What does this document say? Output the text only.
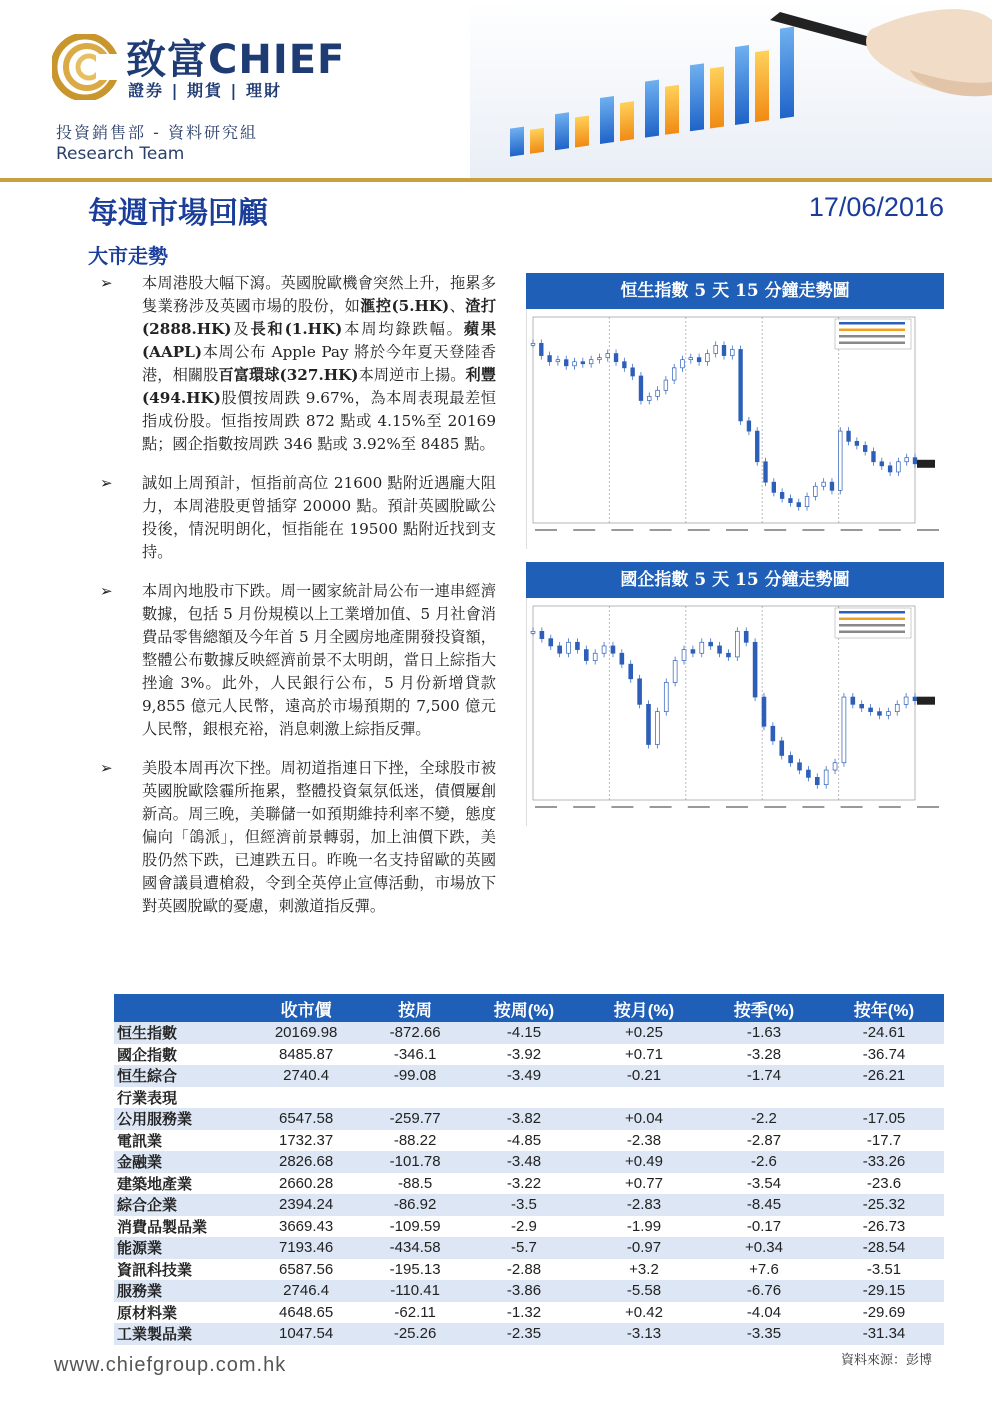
致富CHIEF
證券 | 期貨 | 理財
投資銷售部 - 資料研究組
Research Team
每週市場回顧	17/06/2016
大市走勢
➢ 本周港股大幅下瀉。英國脫歐機會突然上升，拖累多隻業務涉及英國市場的股份，如滙控(5.HK)、渣打(2888.HK)及長和(1.HK)本周均錄跌幅。蘋果(AAPL)本周公布 Apple Pay 將於今年夏天登陸香港，相關股百富環球(327.HK)本周逆市上揚。利豐(494.HK)股價按周跌 9.67%，為本周表現最差恒指成份股。恒指按周跌 872 點或 4.15%至 20169 點；國企指數按周跌 346 點或 3.92%至 8485 點。
➢ 誠如上周預計，恒指前高位 21600 點附近遇龐大阻力，本周港股更曾插穿 20000 點。預計英國脫歐公投後，情況明朗化，恒指能在 19500 點附近找到支持。
➢ 本周內地股市下跌。周一國家統計局公布一連串經濟數據，包括 5 月份規模以上工業增加值、5 月社會消費品零售總額及今年首 5 月全國房地產開發投資額，整體公布數據反映經濟前景不太明朗，當日上綜指大挫逾 3%。此外，人民銀行公布，5 月份新增貸款 9,855 億元人民幣，遠高於市場預期的 7,500 億元人民幣，銀根充裕，消息刺激上綜指反彈。
➢ 美股本周再次下挫。周初道指連日下挫，全球股市被英國脫歐陰霾所拖累，整體投資氣氛低迷，債價屢創新高。周三晚，美聯儲一如預期維持利率不變，態度偏向「鴿派」，但經濟前景轉弱，加上油價下跌，美股仍然下跌，已連跌五日。昨晚一名支持留歐的英國國會議員遭槍殺，令到全英停止宣傳活動，市場放下對英國脫歐的憂慮，刺激道指反彈。
恒生指數 5 天 15 分鐘走勢圖
國企指數 5 天 15 分鐘走勢圖
	收市價	按周	按周(%)	按月(%)	按季(%)	按年(%)
恒生指數	20169.98	-872.66	-4.15	+0.25	-1.63	-24.61
國企指數	8485.87	-346.1	-3.92	+0.71	-3.28	-36.74
恒生綜合	2740.4	-99.08	-3.49	-0.21	-1.74	-26.21
行業表現						
公用服務業	6547.58	-259.77	-3.82	+0.04	-2.2	-17.05
電訊業	1732.37	-88.22	-4.85	-2.38	-2.87	-17.7
金融業	2826.68	-101.78	-3.48	+0.49	-2.6	-33.26
建築地產業	2660.28	-88.5	-3.22	+0.77	-3.54	-23.6
綜合企業	2394.24	-86.92	-3.5	-2.83	-8.45	-25.32
消費品製品業	3669.43	-109.59	-2.9	-1.99	-0.17	-26.73
能源業	7193.46	-434.58	-5.7	-0.97	+0.34	-28.54
資訊科技業	6587.56	-195.13	-2.88	+3.2	+7.6	-3.51
服務業	2746.4	-110.41	-3.86	-5.58	-6.76	-29.15
原材料業	4648.65	-62.11	-1.32	+0.42	-4.04	-29.69
工業製品業	1047.54	-25.26	-2.35	-3.13	-3.35	-31.34
資料來源：彭博
www.chiefgroup.com.hk
